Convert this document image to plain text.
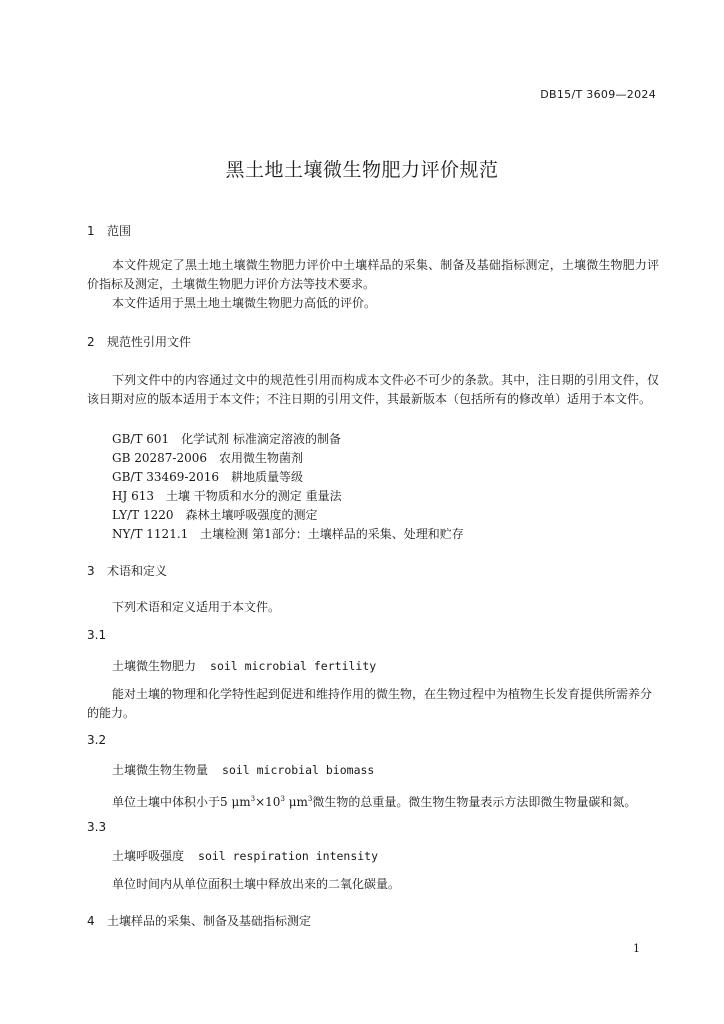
DB15/T 3609—2024
黑土地土壤微生物肥力评价规范
1 范围

本文件规定了黑土地土壤微生物肥力评价中土壤样品的采集、制备及基础指标测定，土壤微生物肥力评价指标及测定，土壤微生物肥力评价方法等技术要求。

本文件适用于黑土地土壤微生物肥力高低的评价。

2 规范性引用文件

下列文件中的内容通过文中的规范性引用而构成本文件必不可少的条款。其中，注日期的引用文件，仅该日期对应的版本适用于本文件；不注日期的引用文件，其最新版本（包括所有的修改单）适用于本文件。

GB/T 601　化学试剂 标准滴定溶液的制备
GB 20287-2006　农用微生物菌剂
GB/T 33469-2016　耕地质量等级
HJ 613　土壤 干物质和水分的测定 重量法
LY/T 1220　森林土壤呼吸强度的测定
NY/T 1121.1　土壤检测 第1部分：土壤样品的采集、处理和贮存
3 术语和定义

下列术语和定义适用于本文件。

3.1
土壤微生物肥力 soil microbial fertility

能对土壤的物理和化学特性起到促进和维持作用的微生物，在生物过程中为植物生长发育提供所需养分的能力。

3.2
土壤微生物生物量 soil microbial biomass

单位土壤中体积小于5 $\mu m^3\times 10^3$ $\mu m^3$微生物的总重量。微生物生物量表示方法即微生物量碳和氮。

3.3
土壤呼吸强度 soil respiration intensity

单位时间内从单位面积土壤中释放出来的二氧化碳量。

4 土壤样品的采集、制备及基础指标测定
1
